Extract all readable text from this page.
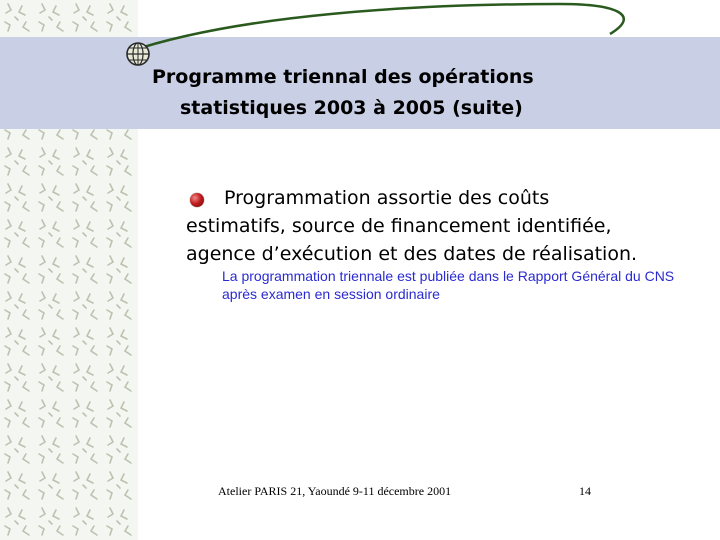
Programme triennal des opérations
statistiques 2003 à 2005 (suite)
Programmation assortie des coûts
estimatifs, source de financement identifiée,
agence d’exécution et des dates de réalisation.
La programmation triennale est publiée dans le Rapport Général du CNS après examen en session ordinaire
Atelier PARIS 21, Yaoundé 9-11 décembre 2001	14
